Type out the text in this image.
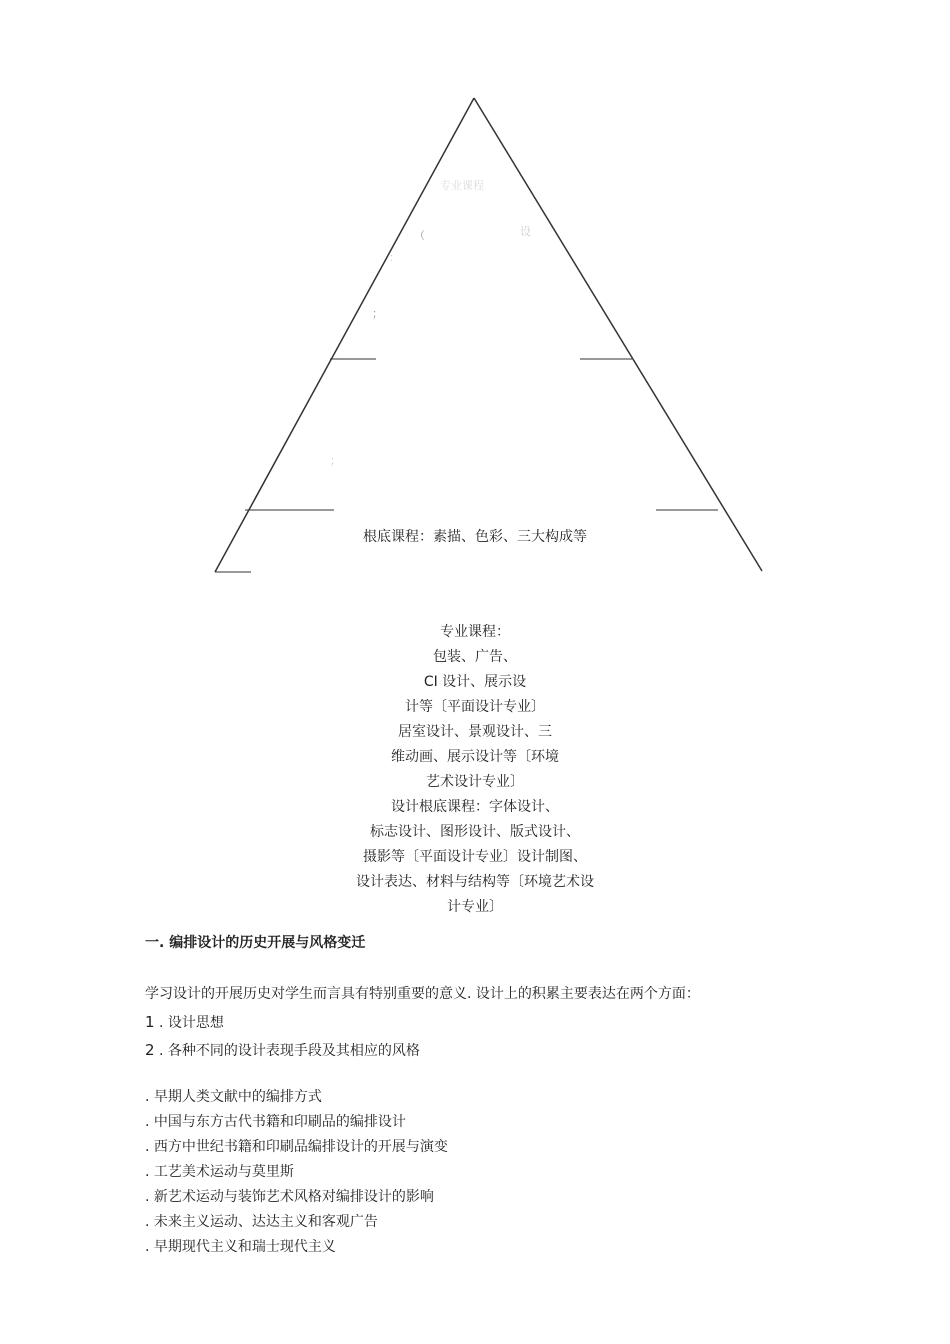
专业课程
（	设
：
；
；
根底课程：素描、色彩、三大构成等
专业课程：
包装、广告、
CI 设计、展示设
计等〔平面设计专业〕
居室设计、景观设计、三
维动画、展示设计等〔环境
艺术设计专业〕
设计根底课程：字体设计、
标志设计、图形设计、版式设计、
摄影等〔平面设计专业〕设计制图、
设计表达、材料与结构等〔环境艺术设
计专业〕
一. 编排设计的历史开展与风格变迁
学习设计的开展历史对学生而言具有特别重要的意义. 设计上的积累主要表达在两个方面：
1 . 设计思想
2 . 各种不同的设计表现手段及其相应的风格
. 早期人类文献中的编排方式
. 中国与东方古代书籍和印刷品的编排设计
. 西方中世纪书籍和印刷品编排设计的开展与演变
. 工艺美术运动与莫里斯
. 新艺术运动与装饰艺术风格对编排设计的影响
. 未来主义运动、达达主义和客观广告
. 早期现代主义和瑞士现代主义
